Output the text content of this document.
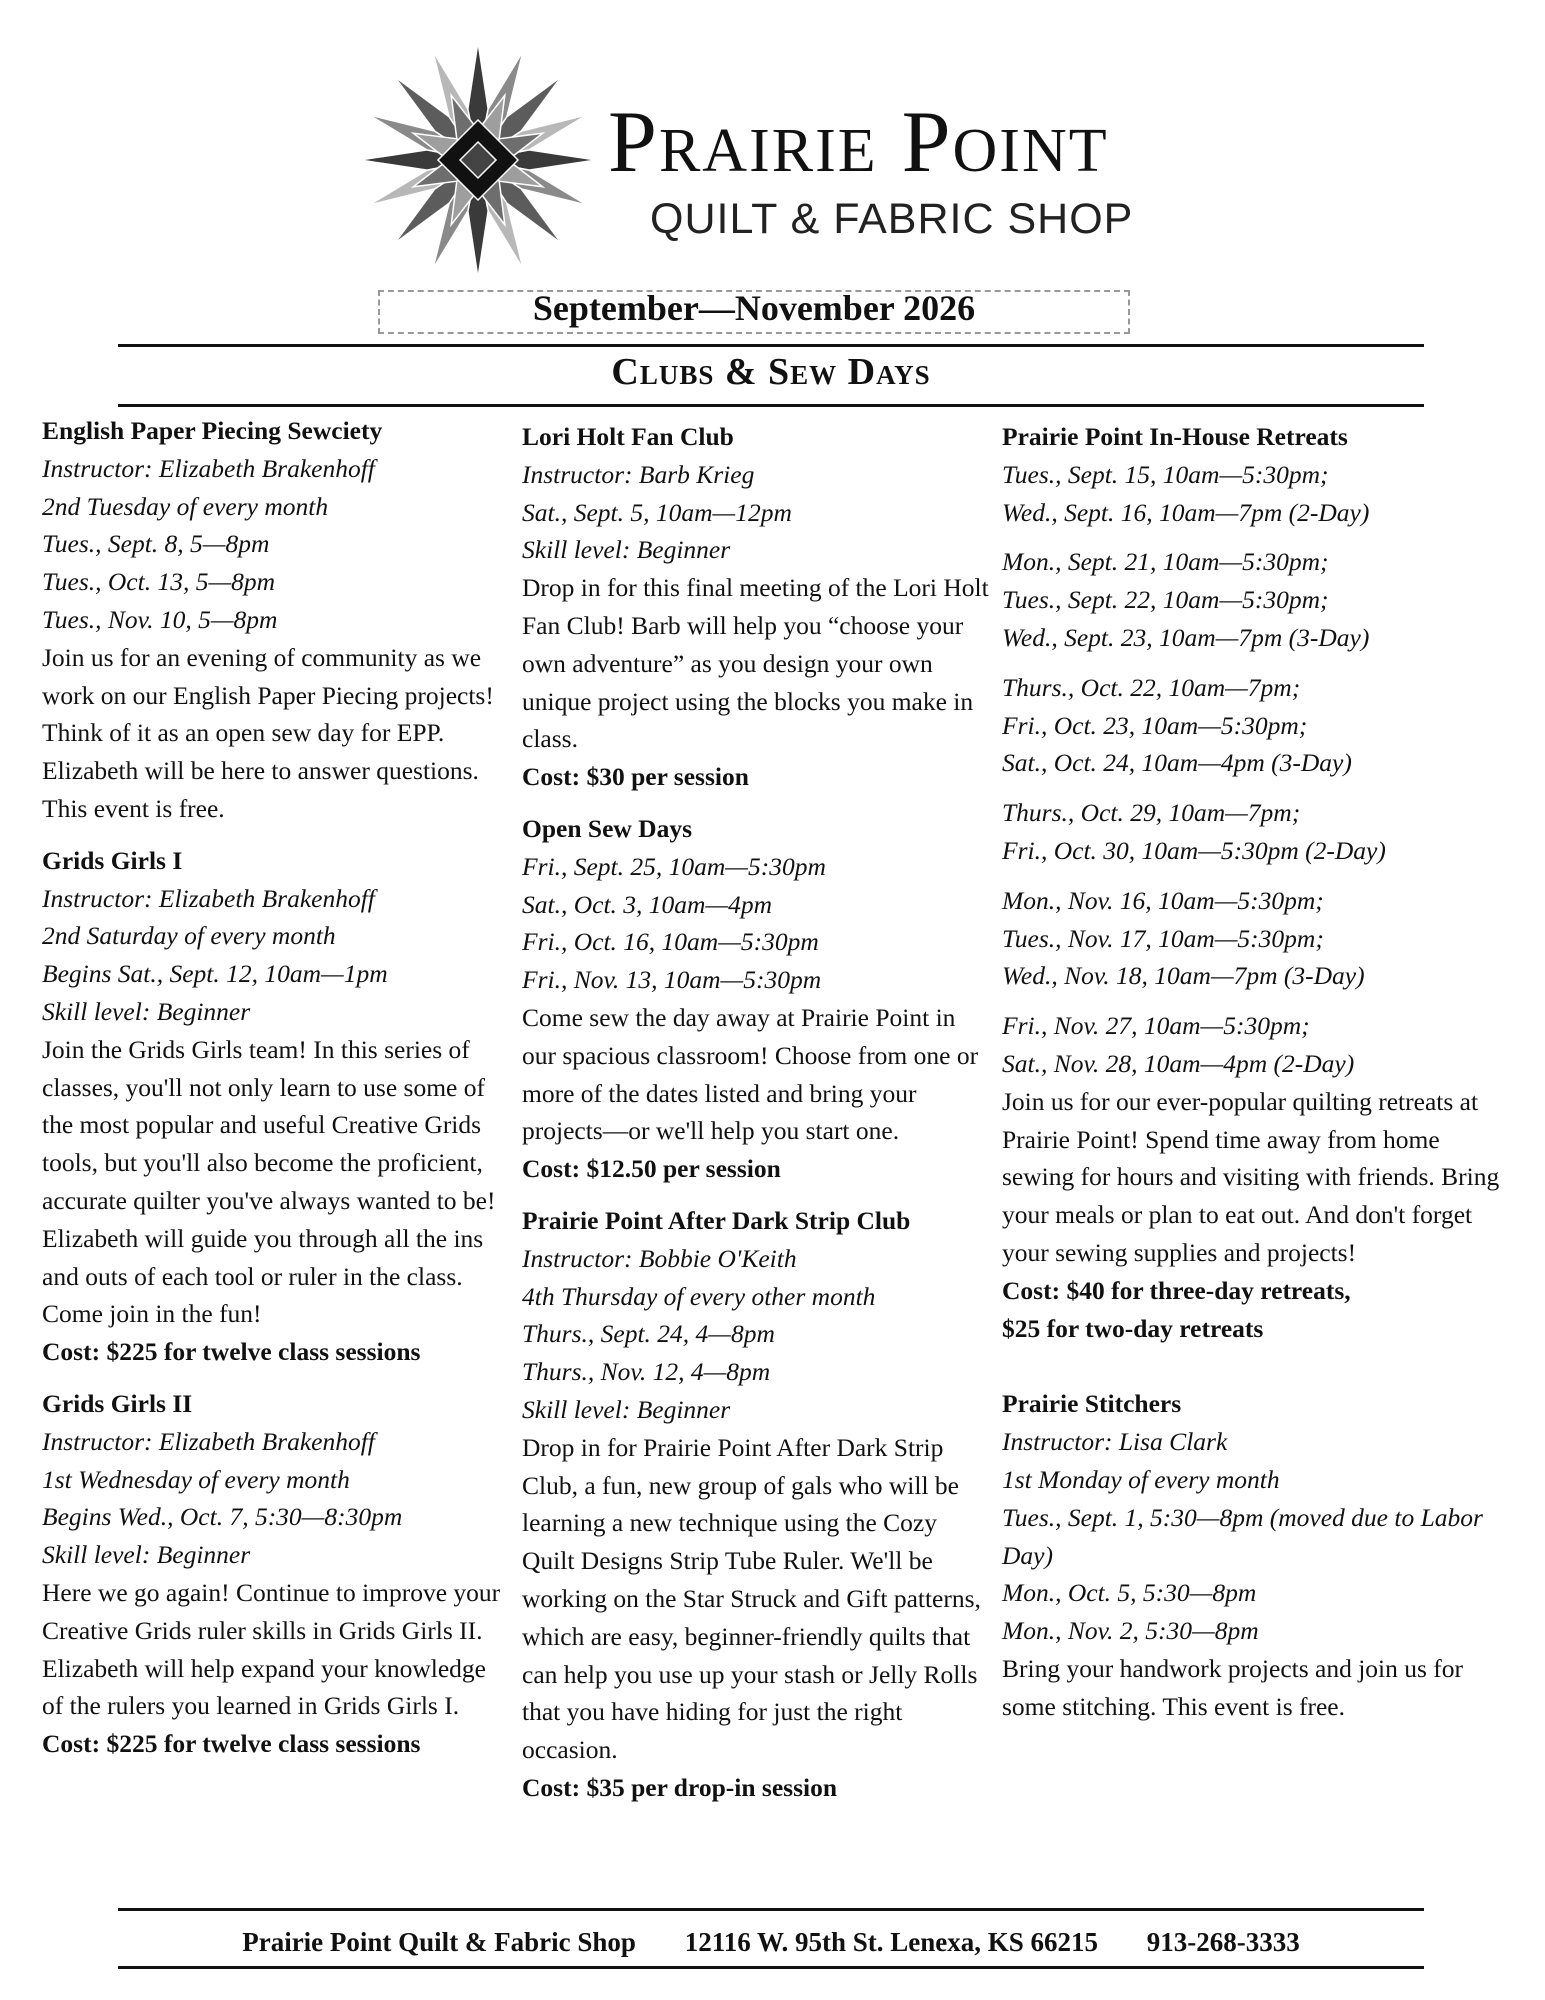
Prairie Point
QUILT & FABRIC SHOP
September—November 2026
Clubs & Sew Days
English Paper Piecing Sewciety
Instructor: Elizabeth Brakenhoff
2nd Tuesday of every month
Tues., Sept. 8, 5—8pm
Tues., Oct. 13, 5—8pm
Tues., Nov. 10, 5—8pm
Join us for an evening of community as we work on our English Paper Piecing projects! Think of it as an open sew day for EPP. Elizabeth will be here to answer questions. This event is free.
Grids Girls I
Instructor: Elizabeth Brakenhoff
2nd Saturday of every month
Begins Sat., Sept. 12, 10am—1pm
Skill level: Beginner
Join the Grids Girls team! In this series of classes, you'll not only learn to use some of the most popular and useful Creative Grids tools, but you'll also become the proficient, accurate quilter you've always wanted to be! Elizabeth will guide you through all the ins and outs of each tool or ruler in the class. Come join in the fun!
Cost: $225 for twelve class sessions
Grids Girls II
Instructor: Elizabeth Brakenhoff
1st Wednesday of every month
Begins Wed., Oct. 7, 5:30—8:30pm
Skill level: Beginner
Here we go again! Continue to improve your Creative Grids ruler skills in Grids Girls II. Elizabeth will help expand your knowledge of the rulers you learned in Grids Girls I.
Cost: $225 for twelve class sessions
Lori Holt Fan Club
Instructor: Barb Krieg
Sat., Sept. 5, 10am—12pm
Skill level: Beginner
Drop in for this final meeting of the Lori Holt Fan Club! Barb will help you “choose your own adventure” as you design your own unique project using the blocks you make in class.
Cost: $30 per session
Open Sew Days
Fri., Sept. 25, 10am—5:30pm
Sat., Oct. 3, 10am—4pm
Fri., Oct. 16, 10am—5:30pm
Fri., Nov. 13, 10am—5:30pm
Come sew the day away at Prairie Point in our spacious classroom! Choose from one or more of the dates listed and bring your projects—or we'll help you start one.
Cost: $12.50 per session
Prairie Point After Dark Strip Club
Instructor: Bobbie O'Keith
4th Thursday of every other month
Thurs., Sept. 24, 4—8pm
Thurs., Nov. 12, 4—8pm
Skill level: Beginner
Drop in for Prairie Point After Dark Strip Club, a fun, new group of gals who will be learning a new technique using the Cozy Quilt Designs Strip Tube Ruler. We'll be working on the Star Struck and Gift patterns, which are easy, beginner-friendly quilts that can help you use up your stash or Jelly Rolls that you have hiding for just the right occasion.
Cost: $35 per drop-in session
Prairie Point In-House Retreats
Tues., Sept. 15, 10am—5:30pm;
Wed., Sept. 16, 10am—7pm (2-Day)
Mon., Sept. 21, 10am—5:30pm;
Tues., Sept. 22, 10am—5:30pm;
Wed., Sept. 23, 10am—7pm (3-Day)
Thurs., Oct. 22, 10am—7pm;
Fri., Oct. 23, 10am—5:30pm;
Sat., Oct. 24, 10am—4pm (3-Day)
Thurs., Oct. 29, 10am—7pm;
Fri., Oct. 30, 10am—5:30pm (2-Day)
Mon., Nov. 16, 10am—5:30pm;
Tues., Nov. 17, 10am—5:30pm;
Wed., Nov. 18, 10am—7pm (3-Day)
Fri., Nov. 27, 10am—5:30pm;
Sat., Nov. 28, 10am—4pm (2-Day)
Join us for our ever-popular quilting retreats at Prairie Point! Spend time away from home sewing for hours and visiting with friends. Bring your meals or plan to eat out. And don't forget your sewing supplies and projects!
Cost: $40 for three-day retreats,
$25 for two-day retreats
Prairie Stitchers
Instructor: Lisa Clark
1st Monday of every month
Tues., Sept. 1, 5:30—8pm (moved due to Labor Day)
Mon., Oct. 5, 5:30—8pm
Mon., Nov. 2, 5:30—8pm
Bring your handwork projects and join us for some stitching. This event is free.
Prairie Point Quilt & Fabric Shop 12116 W. 95th St. Lenexa, KS 66215 913-268-3333
